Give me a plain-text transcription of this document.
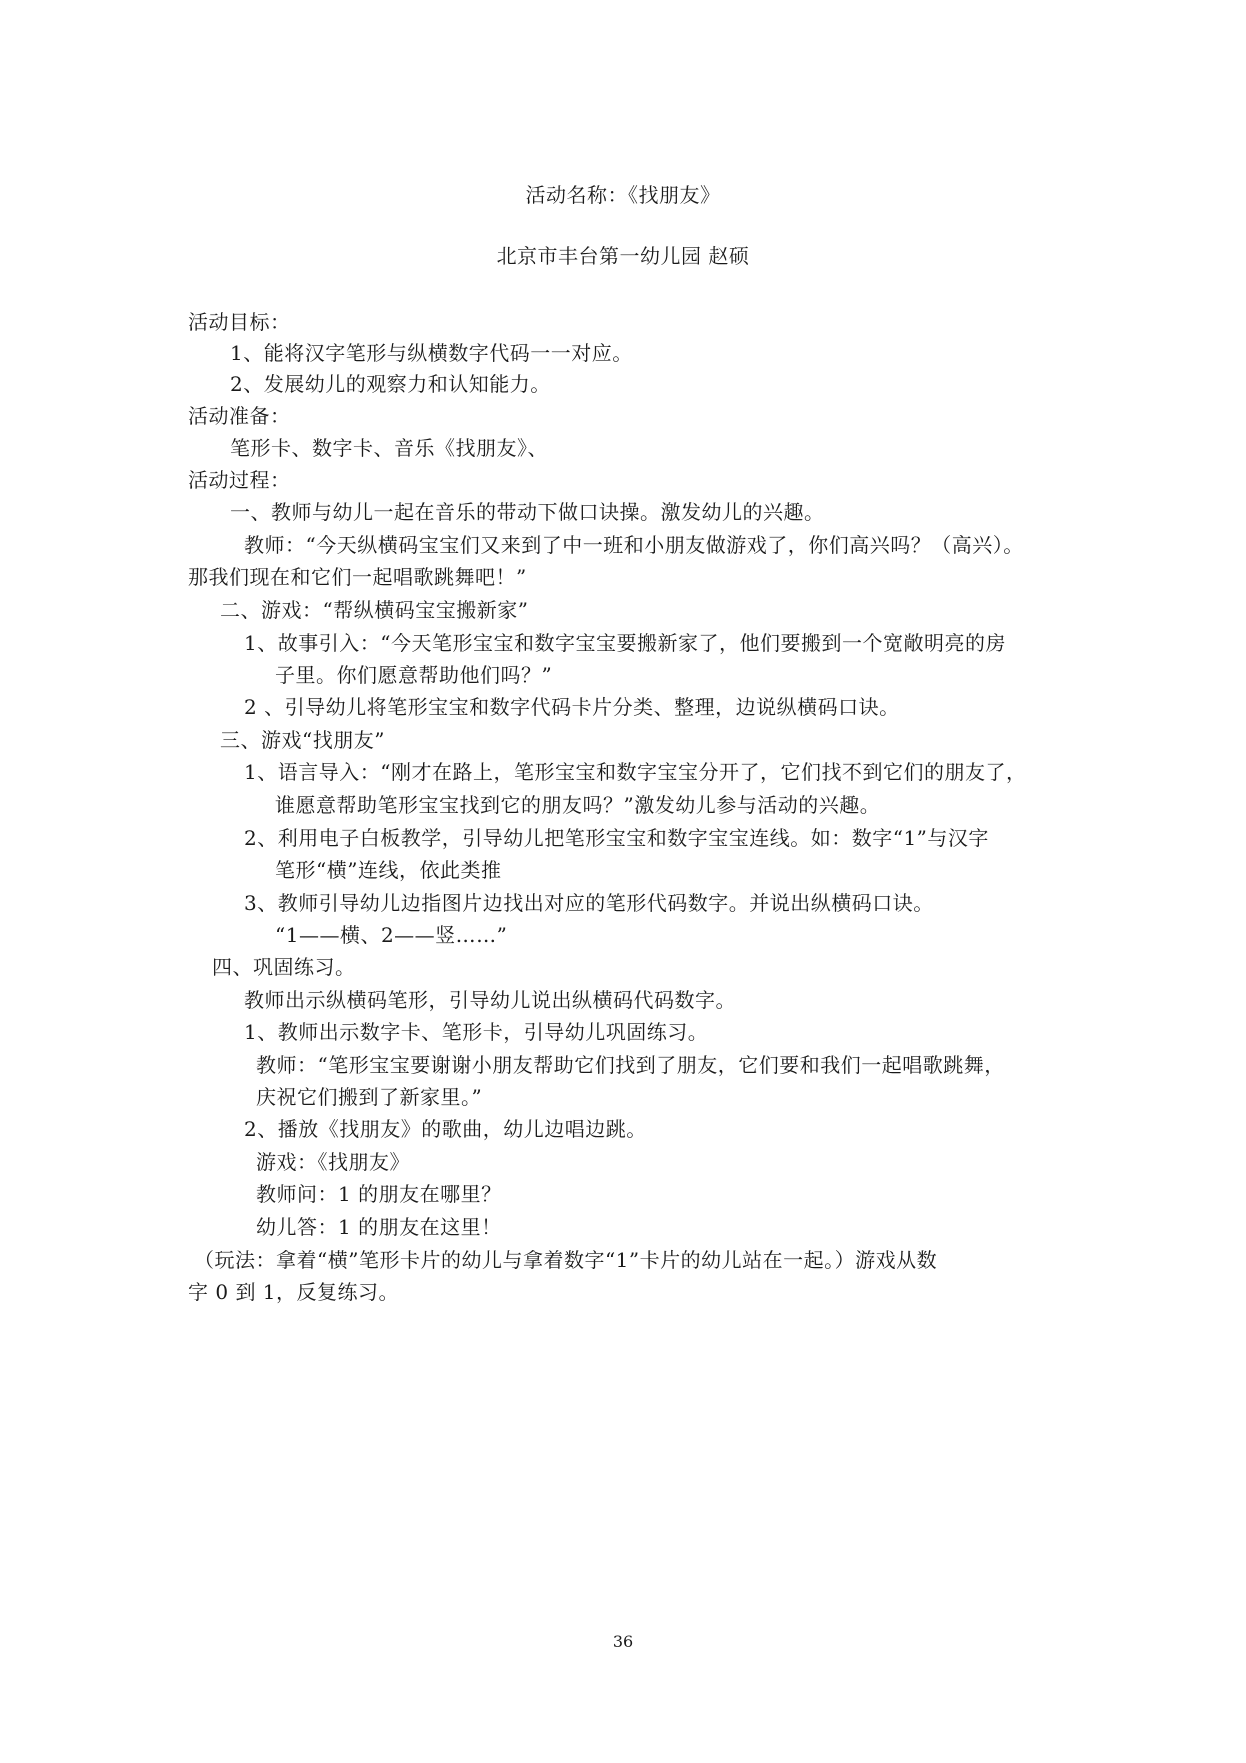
活动名称：《找朋友》
北京市丰台第一幼儿园 赵硕
活动目标：
1、能将汉字笔形与纵横数字代码一一对应。
2、发展幼儿的观察力和认知能力。
活动准备：
笔形卡、数字卡、音乐《找朋友》、
活动过程：
一、教师与幼儿一起在音乐的带动下做口诀操。激发幼儿的兴趣。
教师：“今天纵横码宝宝们又来到了中一班和小朋友做游戏了，你们高兴吗？（高兴）。
那我们现在和它们一起唱歌跳舞吧！”
二、游戏：“帮纵横码宝宝搬新家”
1、故事引入：“今天笔形宝宝和数字宝宝要搬新家了，他们要搬到一个宽敞明亮的房
子里。你们愿意帮助他们吗？”
2 、引导幼儿将笔形宝宝和数字代码卡片分类、整理，边说纵横码口诀。
三、游戏“找朋友”
1、语言导入：“刚才在路上，笔形宝宝和数字宝宝分开了，它们找不到它们的朋友了，
谁愿意帮助笔形宝宝找到它的朋友吗？”激发幼儿参与活动的兴趣。
2、利用电子白板教学，引导幼儿把笔形宝宝和数字宝宝连线。如：数字“1”与汉字
笔形“横”连线，依此类推
3、教师引导幼儿边指图片边找出对应的笔形代码数字。并说出纵横码口诀。
“1——横、2——竖……”
四、巩固练习。
教师出示纵横码笔形，引导幼儿说出纵横码代码数字。
1、教师出示数字卡、笔形卡，引导幼儿巩固练习。
教师：“笔形宝宝要谢谢小朋友帮助它们找到了朋友，它们要和我们一起唱歌跳舞，
庆祝它们搬到了新家里。”
2、播放《找朋友》的歌曲，幼儿边唱边跳。
游戏：《找朋友》
教师问：1 的朋友在哪里？
幼儿答：1 的朋友在这里！
（玩法：拿着“横”笔形卡片的幼儿与拿着数字“1”卡片的幼儿站在一起。）游戏从数
字 0 到 1，反复练习。
36
